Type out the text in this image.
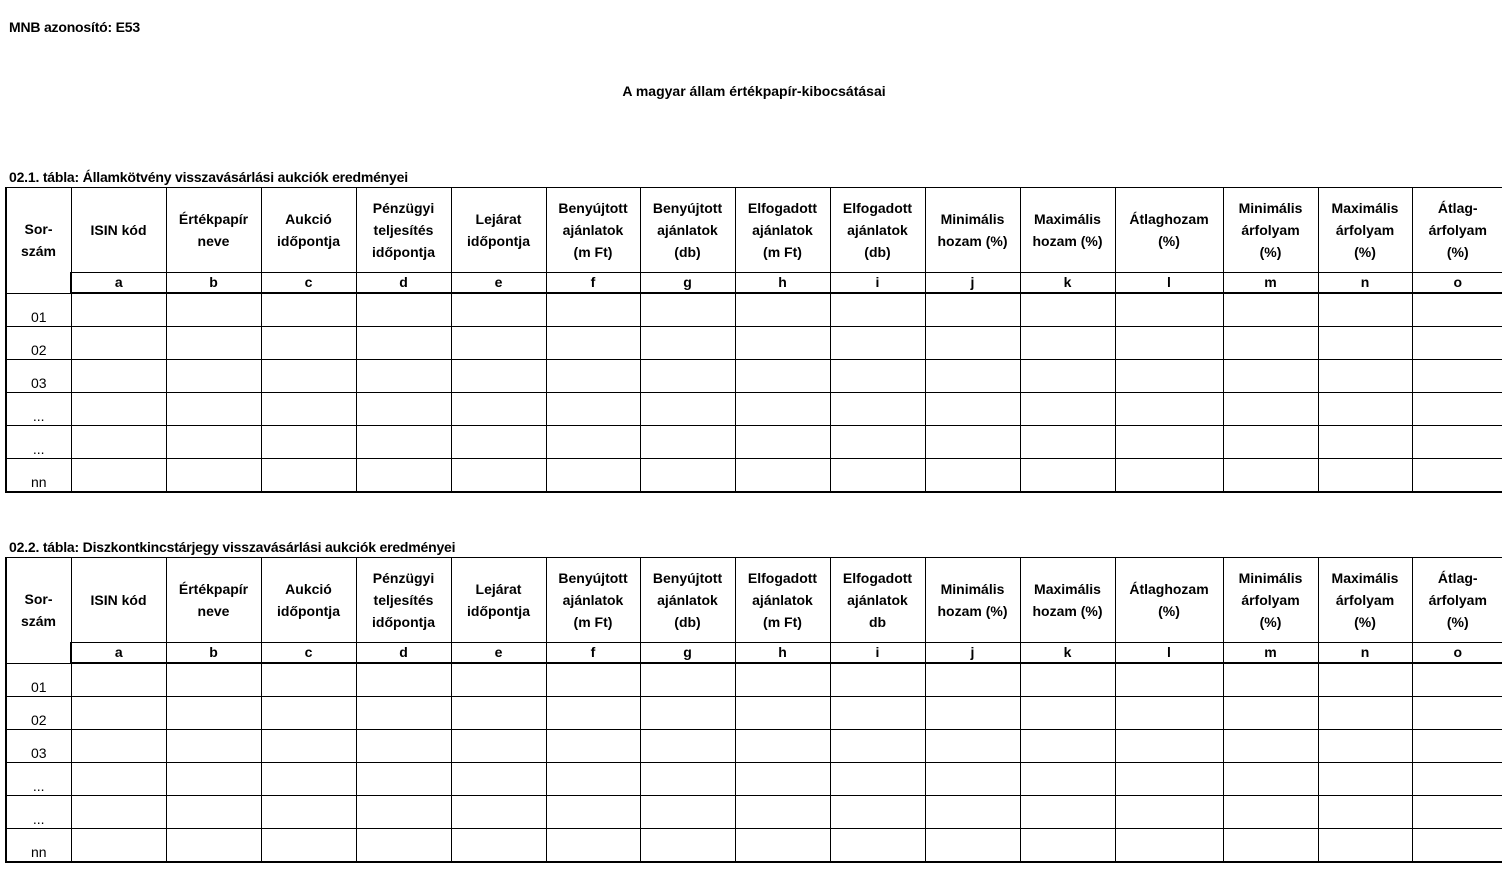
MNB azonosító: E53
A magyar állam értékpapír-kibocsátásai
02.1. tábla: Államkötvény visszavásárlási aukciók eredményei
Sor-
szám	ISIN kód	Értékpapír
neve	Aukció
időpontja	Pénzügyi
teljesítés
időpontja	Lejárat
időpontja	Benyújtott
ajánlatok
(m Ft)	Benyújtott
ajánlatok
(db)	Elfogadott
ajánlatok
(m Ft)	Elfogadott
ajánlatok
(db)	Minimális
hozam (%)	Maximális
hozam (%)	Átlaghozam
(%)	Minimális
árfolyam
(%)	Maximális
árfolyam
(%)	Átlag-
árfolyam
(%)
	a	b	c	d	e	f	g	h	i	j	k	l	m	n	o
01															
02															
03															
...															
...															
nn															
02.2. tábla: Diszkontkincstárjegy visszavásárlási aukciók eredményei
Sor-
szám	ISIN kód	Értékpapír
neve	Aukció
időpontja	Pénzügyi
teljesítés
időpontja	Lejárat
időpontja	Benyújtott
ajánlatok
(m Ft)	Benyújtott
ajánlatok
(db)	Elfogadott
ajánlatok
(m Ft)	Elfogadott
ajánlatok
db	Minimális
hozam (%)	Maximális
hozam (%)	Átlaghozam
(%)	Minimális
árfolyam
(%)	Maximális
árfolyam
(%)	Átlag-
árfolyam
(%)
	a	b	c	d	e	f	g	h	i	j	k	l	m	n	o
01															
02															
03															
...															
...															
nn															
